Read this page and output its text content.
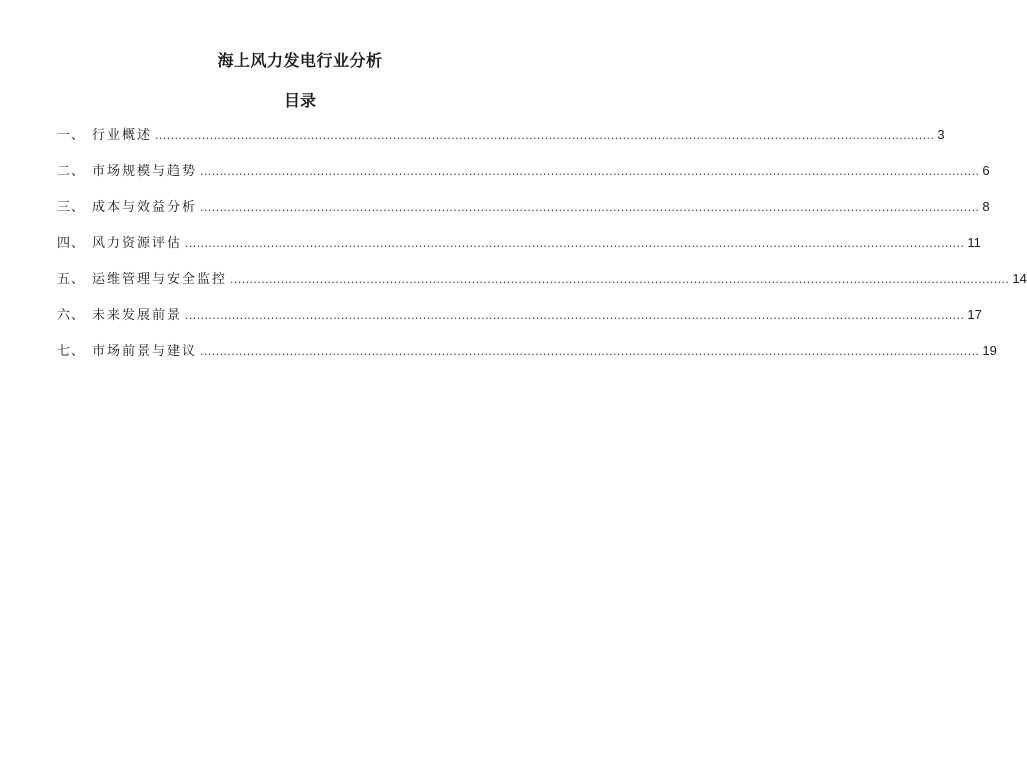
海上风力发电行业分析
目录
一、 行业概述 ........................................................................................................................................................................................................ 3
二、 市场规模与趋势 ........................................................................................................................................................................................................ 6
三、 成本与效益分析 ........................................................................................................................................................................................................ 8
四、 风力资源评估 ........................................................................................................................................................................................................ 11
五、 运维管理与安全监控 ........................................................................................................................................................................................................ 14
六、 未来发展前景 ........................................................................................................................................................................................................ 17
七、 市场前景与建议 ........................................................................................................................................................................................................ 19
